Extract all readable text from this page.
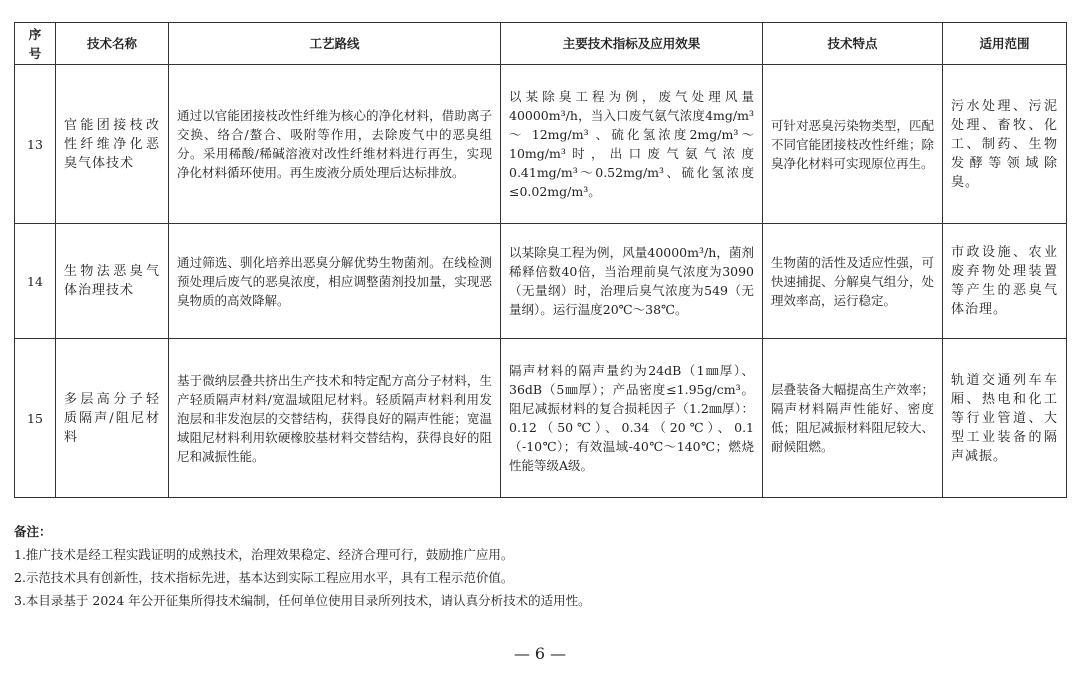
序号	技术名称	工艺路线	主要技术指标及应用效果	技术特点	适用范围
13	官能团接枝改性纤维净化恶臭气体技术	通过以官能团接枝改性纤维为核心的净化材料，借助离子交换、络合/螯合、吸附等作用，去除废气中的恶臭组分。采用稀酸/稀碱溶液对改性纤维材料进行再生，实现净化材料循环使用。再生废液分质处理后达标排放。	以某除臭工程为例，废气处理风量40000m³/h，当入口废气氨气浓度4mg/m³ ～ 12mg/m³ 、硫化氢浓度2mg/m³～10mg/m³时，出口废气氨气浓度0.41mg/m³～0.52mg/m³、硫化氢浓度≤0.02mg/m³。	可针对恶臭污染物类型，匹配不同官能团接枝改性纤维；除臭净化材料可实现原位再生。	污水处理、污泥处理、畜牧、化工、制药、生物发酵等领域除臭。
14	生物法恶臭气体治理技术	通过筛选、驯化培养出恶臭分解优势生物菌剂。在线检测预处理后废气的恶臭浓度，相应调整菌剂投加量，实现恶臭物质的高效降解。	以某除臭工程为例，风量40000m³/h，菌剂稀释倍数40倍，当治理前臭气浓度为3090（无量纲）时，治理后臭气浓度为549（无量纲）。运行温度20℃～38℃。	生物菌的活性及适应性强，可快速捕捉、分解臭气组分，处理效率高，运行稳定。	市政设施、农业废弃物处理装置等产生的恶臭气体治理。
15	多层高分子轻质隔声/阻尼材料	基于微纳层叠共挤出生产技术和特定配方高分子材料，生产轻质隔声材料/宽温域阻尼材料。轻质隔声材料利用发泡层和非发泡层的交替结构，获得良好的隔声性能；宽温域阻尼材料利用软硬橡胶基材料交替结构，获得良好的阻尼和减振性能。	隔声材料的隔声量约为24dB（1㎜厚）、36dB（5㎜厚）；产品密度≤1.95g/cm³。阻尼减振材料的复合损耗因子（1.2㎜厚）：0.12（50℃）、0.34（20℃）、0.1（-10℃）；有效温域-40℃～140℃；燃烧性能等级A级。	层叠装备大幅提高生产效率；隔声材料隔声性能好、密度低；阻尼减振材料阻尼较大、耐候阻燃。	轨道交通列车车厢、热电和化工等行业管道、大型工业装备的隔声减振。
备注：
1.推广技术是经工程实践证明的成熟技术，治理效果稳定、经济合理可行，鼓励推广应用。
2.示范技术具有创新性，技术指标先进，基本达到实际工程应用水平，具有工程示范价值。
3.本目录基于 2024 年公开征集所得技术编制，任何单位使用目录所列技术，请认真分析技术的适用性。
— 6 —
